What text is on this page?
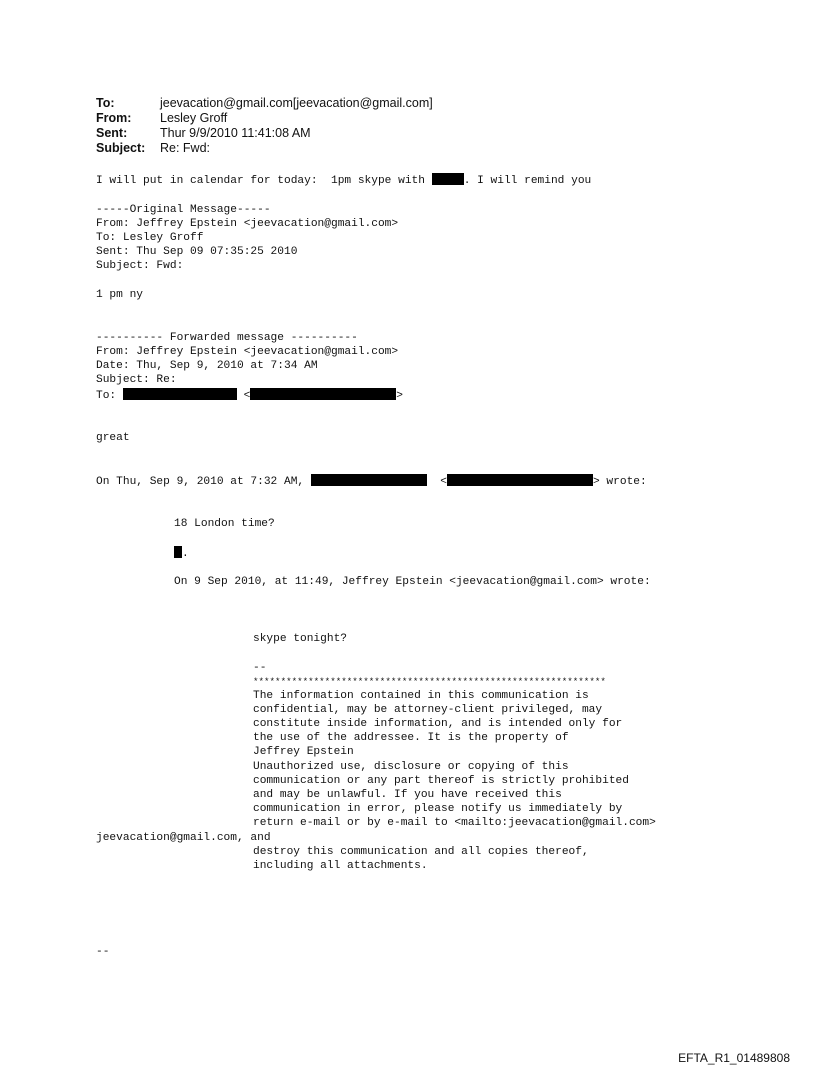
To:	jeevacation@gmail.com[jeevacation@gmail.com]
From:	Lesley Groff
Sent:	Thur 9/9/2010 11:41:08 AM
Subject:	Re: Fwd:
I will put in calendar for today:  1pm skype with	. I will remind you
-----Original Message-----
From: Jeffrey Epstein <jeevacation@gmail.com>
To: Lesley Groff
Sent: Thu Sep 09 07:35:25 2010
Subject: Fwd:
1 pm ny
---------- Forwarded message ----------
From: Jeffrey Epstein <jeevacation@gmail.com>
Date: Thu, Sep 9, 2010 at 7:34 AM
Subject: Re:
To:	<	>
great
On Thu, Sep 9, 2010 at 7:32 AM,	<	> wrote:
18 London time?
.
On 9 Sep 2010, at 11:49, Jeffrey Epstein <jeevacation@gmail.com> wrote:
skype tonight?
--
****************************************************************
The information contained in this communication is
confidential, may be attorney-client privileged, may
constitute inside information, and is intended only for
the use of the addressee. It is the property of
Jeffrey Epstein
Unauthorized use, disclosure or copying of this
communication or any part thereof is strictly prohibited
and may be unlawful. If you have received this
communication in error, please notify us immediately by
return e-mail or by e-mail to <mailto:jeevacation@gmail.com>
jeevacation@gmail.com, and
destroy this communication and all copies thereof,
including all attachments.
--
EFTA_R1_01489808
